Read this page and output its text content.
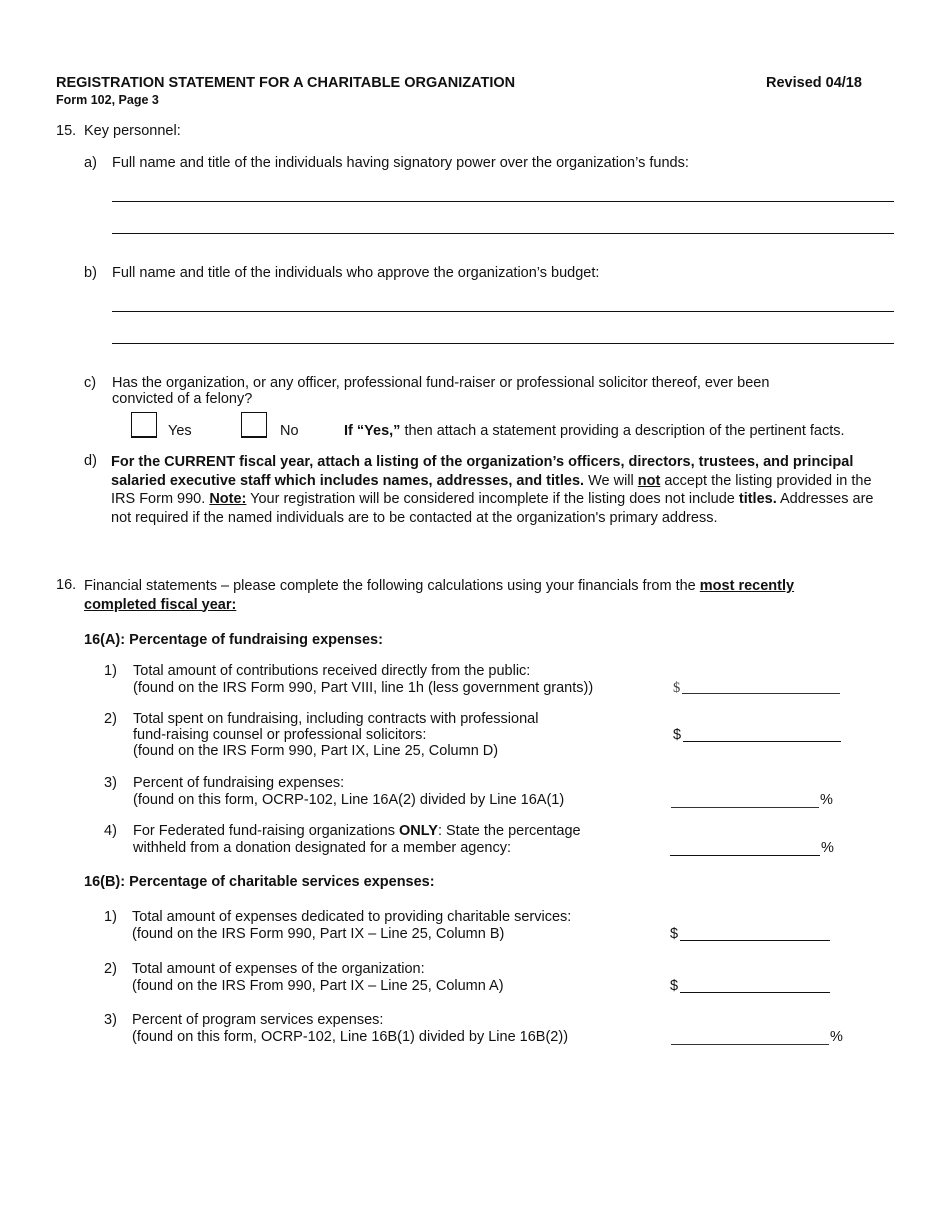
REGISTRATION STATEMENT FOR A CHARITABLE ORGANIZATION
Form 102, Page 3
Revised 04/18
15. Key personnel:
a) Full name and title of the individuals having signatory power over the organization’s funds:
b) Full name and title of the individuals who approve the organization’s budget:
c) Has the organization, or any officer, professional fund-raiser or professional solicitor thereof, ever been
convicted of a felony?
Yes	No	If “Yes,” then attach a statement providing a description of the pertinent facts.
d) For the CURRENT fiscal year, attach a listing of the organization’s officers, directors, trustees, and principal salaried executive staff which includes names, addresses, and titles. We will not accept the listing provided in the IRS Form 990. Note: Your registration will be considered incomplete if the listing does not include titles. Addresses are not required if the named individuals are to be contacted at the organization's primary address.
16. Financial statements – please complete the following calculations using your financials from the most recently completed fiscal year:
16(A): Percentage of fundraising expenses:
1) Total amount of contributions received directly from the public:
(found on the IRS Form 990, Part VIII, line 1h (less government grants))	$
2) Total spent on fundraising, including contracts with professional
fund-raising counsel or professional solicitors:
(found on the IRS Form 990, Part IX, Line 25, Column D)
$
3) Percent of fundraising expenses:
(found on this form, OCRP-102, Line 16A(2) divided by Line 16A(1)	%
4) For Federated fund-raising organizations ONLY: State the percentage
withheld from a donation designated for a member agency:	%
16(B): Percentage of charitable services expenses:
1) Total amount of expenses dedicated to providing charitable services:
(found on the IRS Form 990, Part IX – Line 25, Column B)	$
2) Total amount of expenses of the organization:
(found on the IRS From 990, Part IX – Line 25, Column A)	$
3) Percent of program services expenses:
(found on this form, OCRP-102, Line 16B(1) divided by Line 16B(2))	%
